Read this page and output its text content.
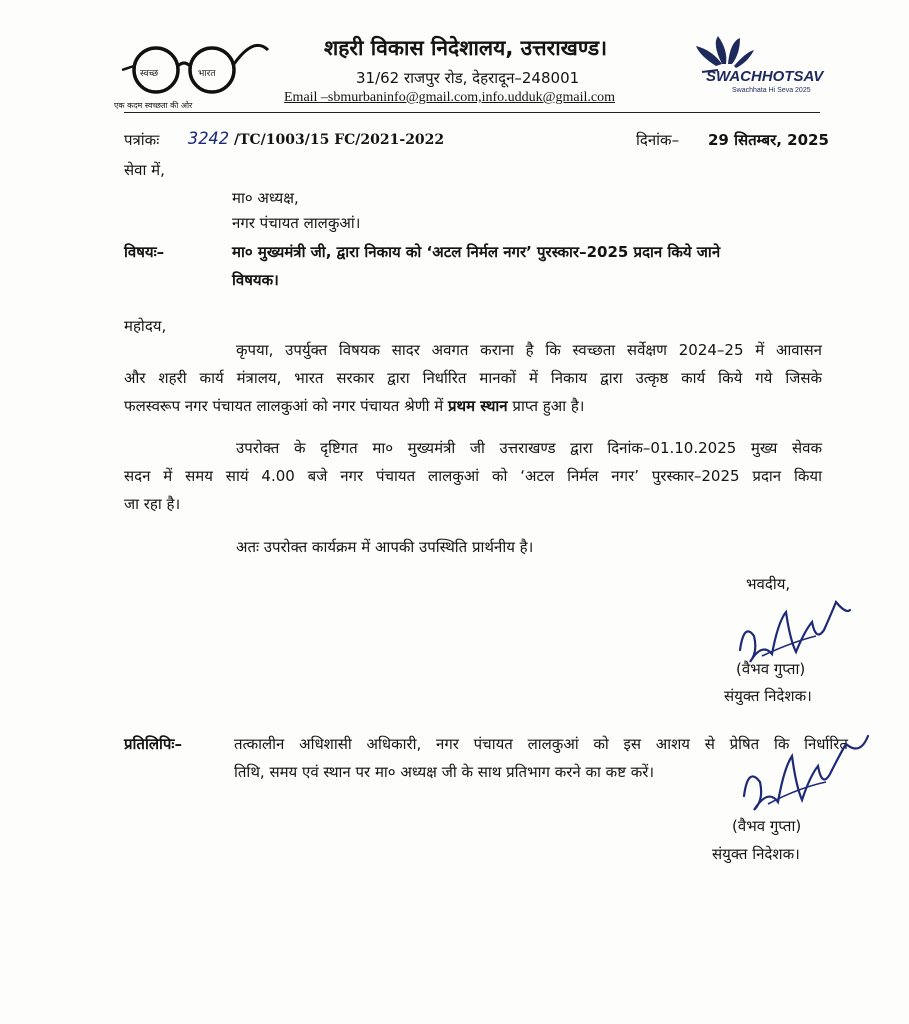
स्वच्छ	भारत
एक कदम स्वच्छता की ओर
शहरी विकास निदेशालय, उत्तराखण्ड।
31/62 राजपुर रोड, देहरादून–248001
Email –sbmurbaninfo@gmail.com,info.udduk@gmail.com
SWACHHOTSAV
Swachhata Hi Seva 2025
पत्रांकः 3242 /TC/1003/15 FC/2021-2022	दिनांक– 29 सितम्बर, 2025
सेवा में,
मा० अध्यक्ष,
नगर पंचायत लालकुआं।
विषयः–	मा० मुख्यमंत्री जी, द्वारा निकाय को ‘अटल निर्मल नगर’ पुरस्कार–2025 प्रदान किये जाने
विषयक।
महोदय,
कृपया, उपर्युक्त विषयक सादर अवगत कराना है कि स्वच्छता सर्वेक्षण 2024–25 में आवासन
और शहरी कार्य मंत्रालय, भारत सरकार द्वारा निर्धारित मानकों में निकाय द्वारा उत्कृष्ठ कार्य किये गये जिसके
फलस्वरूप नगर पंचायत लालकुआं को नगर पंचायत श्रेणी में प्रथम स्थान प्राप्त हुआ है।
उपरोक्त के दृष्टिगत मा० मुख्यमंत्री जी उत्तराखण्ड द्वारा दिनांक–01.10.2025 मुख्य सेवक
सदन में समय सायं 4.00 बजे नगर पंचायत लालकुआं को ‘अटल निर्मल नगर’ पुरस्कार–2025 प्रदान किया
जा रहा है।
अतः उपरोक्त कार्यक्रम में आपकी उपस्थिति प्रार्थनीय है।
भवदीय,
(वैभव गुप्ता)
संयुक्त निदेशक।
प्रतिलिपिः–	तत्कालीन अधिशासी अधिकारी, नगर पंचायत लालकुआं को इस आशय से प्रेषित कि निर्धारित
तिथि, समय एवं स्थान पर मा० अध्यक्ष जी के साथ प्रतिभाग करने का कष्ट करें।
(वैभव गुप्ता)
संयुक्त निदेशक।
